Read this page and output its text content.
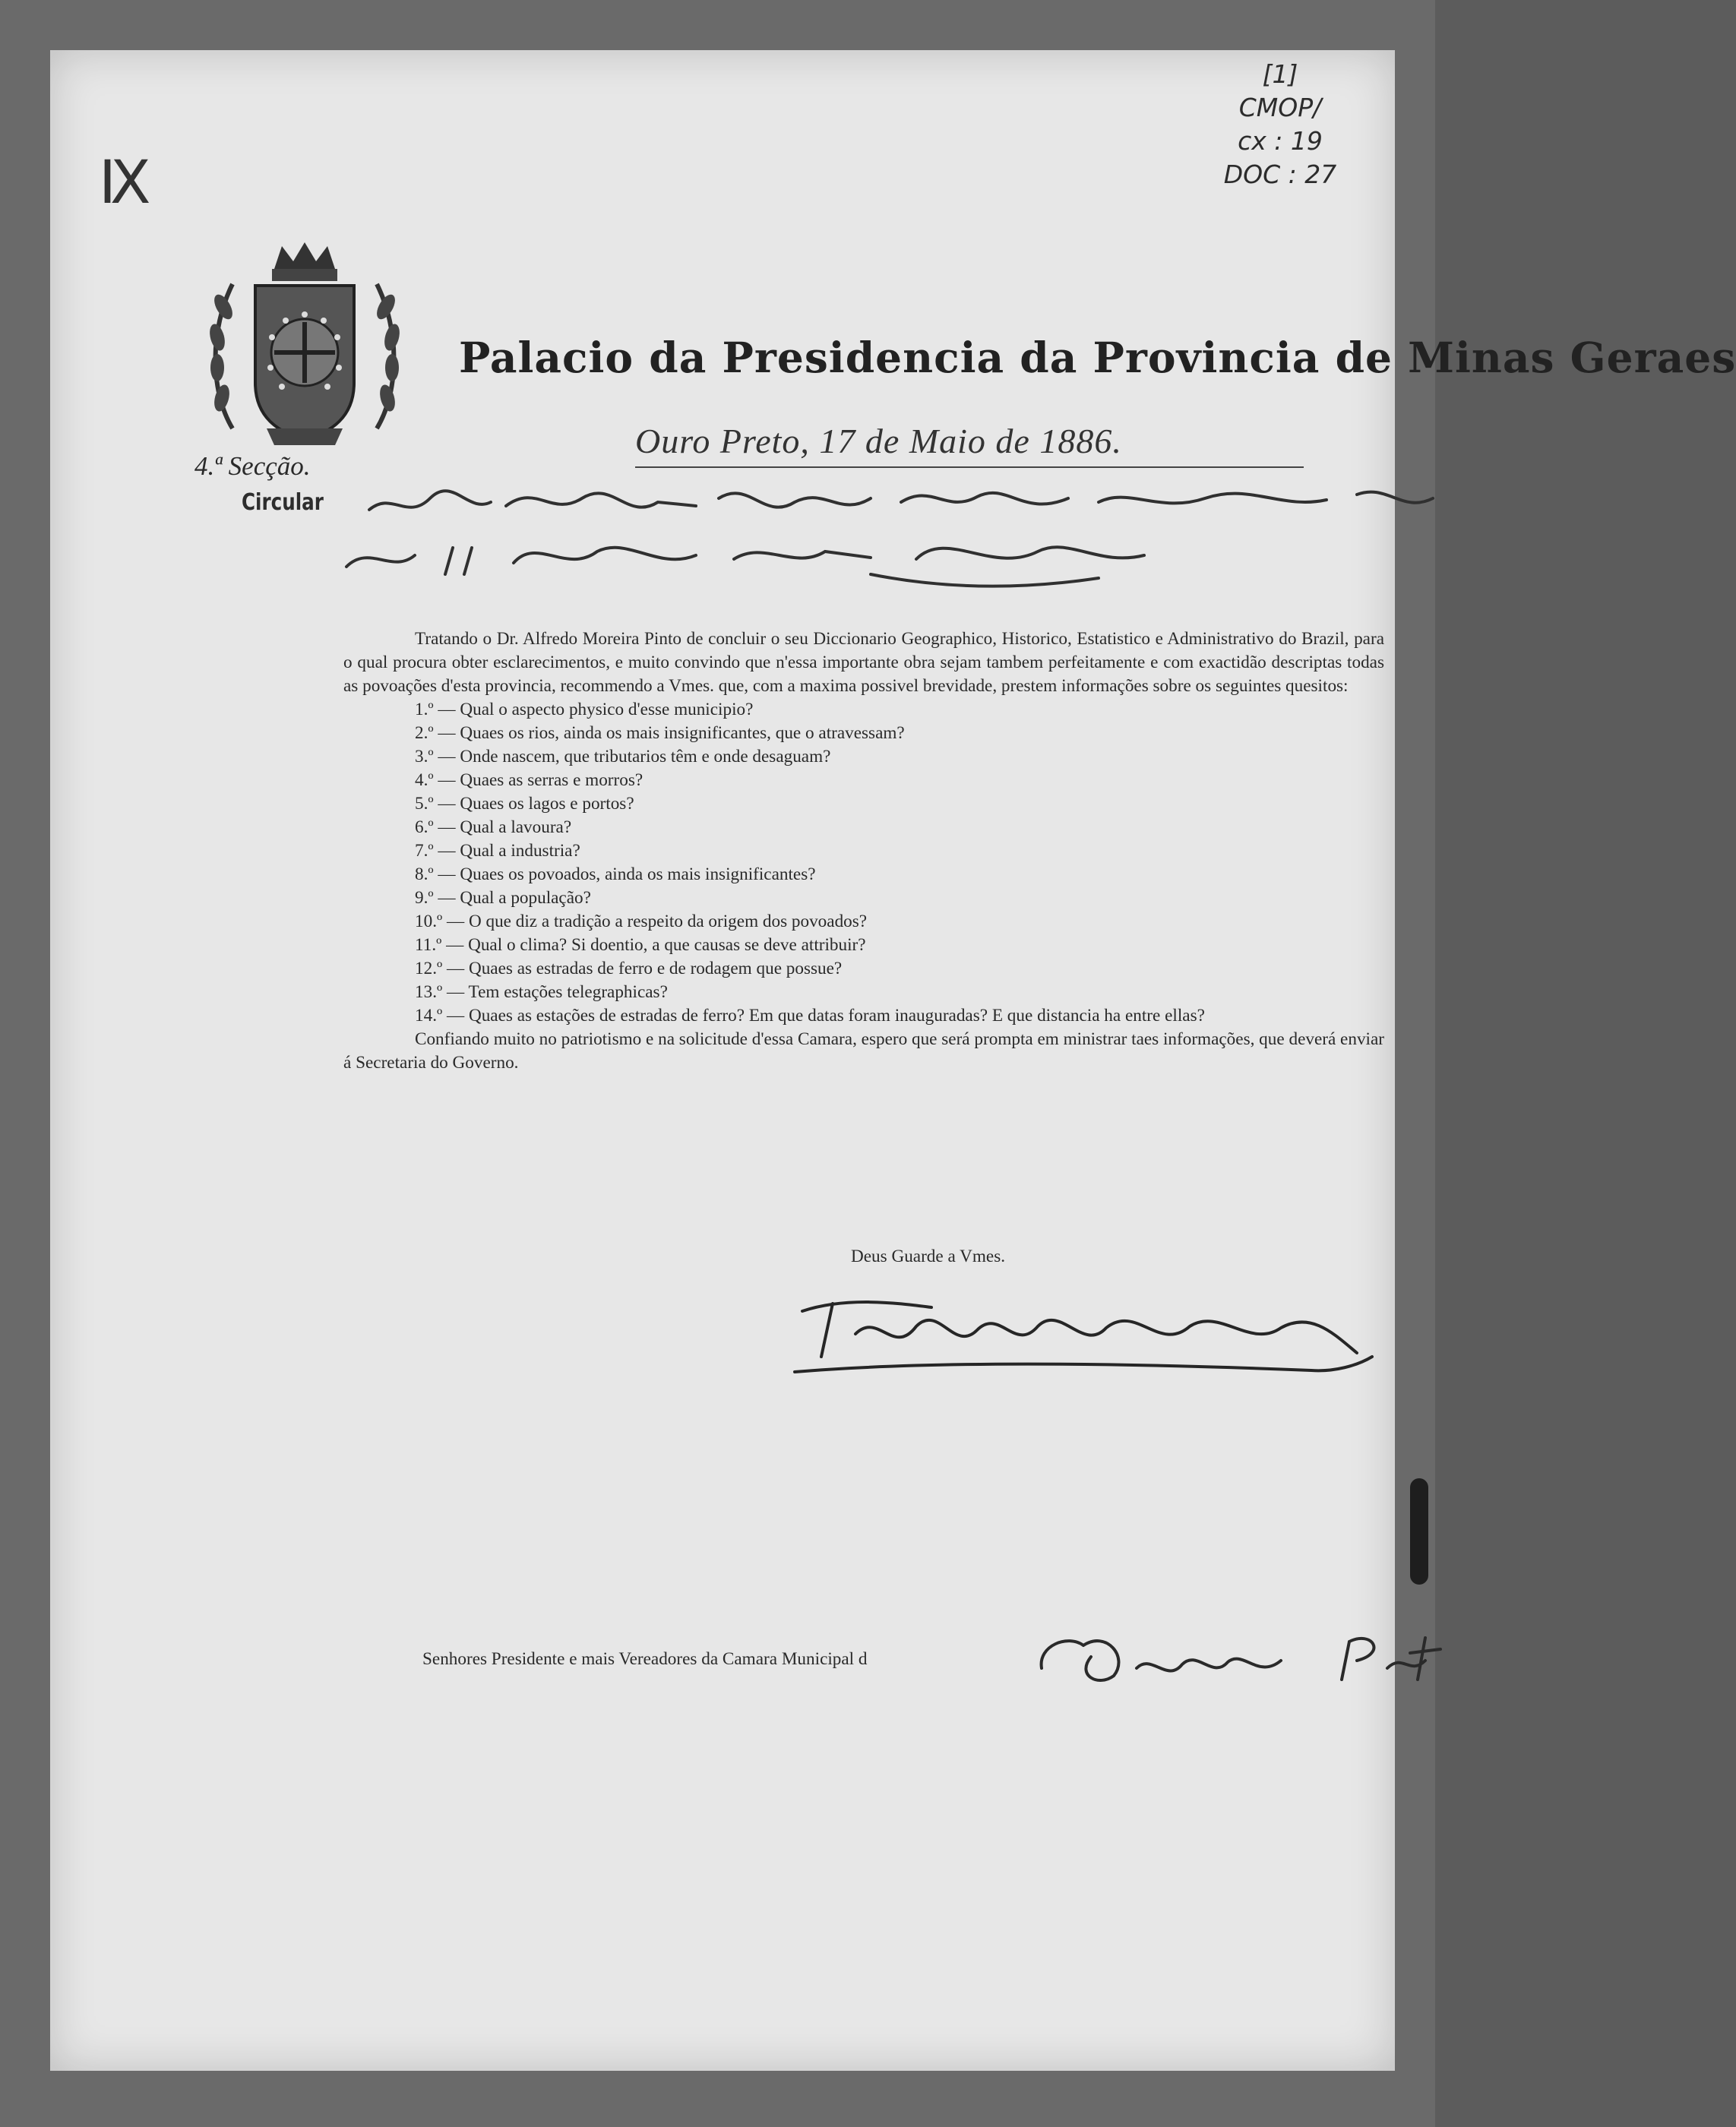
[1]
CMOP/
cx : 19
DOC : 27
IX
4.ª Secção.
Circular
Palacio da Presidencia da Provincia de Minas Geraes
Ouro Preto, 17 de Maio de 1886.

Tratando o Dr. Alfredo Moreira Pinto de concluir o seu Diccionario Geographico, Historico, Estatistico e Administrativo do Brazil, para o qual procura obter esclarecimentos, e muito convindo que n'essa importante obra sejam tambem perfeitamente e com exactidão descriptas todas as povoações d'esta provincia, recommendo a Vmes. que, com a maxima possivel brevidade, prestem informações sobre os seguintes quesitos:

1.º — Qual o aspecto physico d'esse municipio?
2.º — Quaes os rios, ainda os mais insignificantes, que o atravessam?
3.º — Onde nascem, que tributarios têm e onde desaguam?
4.º — Quaes as serras e morros?
5.º — Quaes os lagos e portos?
6.º — Qual a lavoura?
7.º — Qual a industria?
8.º — Quaes os povoados, ainda os mais insignificantes?
9.º — Qual a população?
10.º — O que diz a tradição a respeito da origem dos povoados?
11.º — Qual o clima? Si doentio, a que causas se deve attribuir?
12.º — Quaes as estradas de ferro e de rodagem que possue?
13.º — Tem estações telegraphicas?
14.º — Quaes as estações de estradas de ferro? Em que datas foram inauguradas? E que distancia ha entre ellas?

Confiando muito no patriotismo e na solicitude d'essa Camara, espero que será prompta em ministrar taes informações, que deverá enviar á Secretaria do Governo.

Deus Guarde a Vmes.
Senhores Presidente e mais Vereadores da Camara Municipal d
